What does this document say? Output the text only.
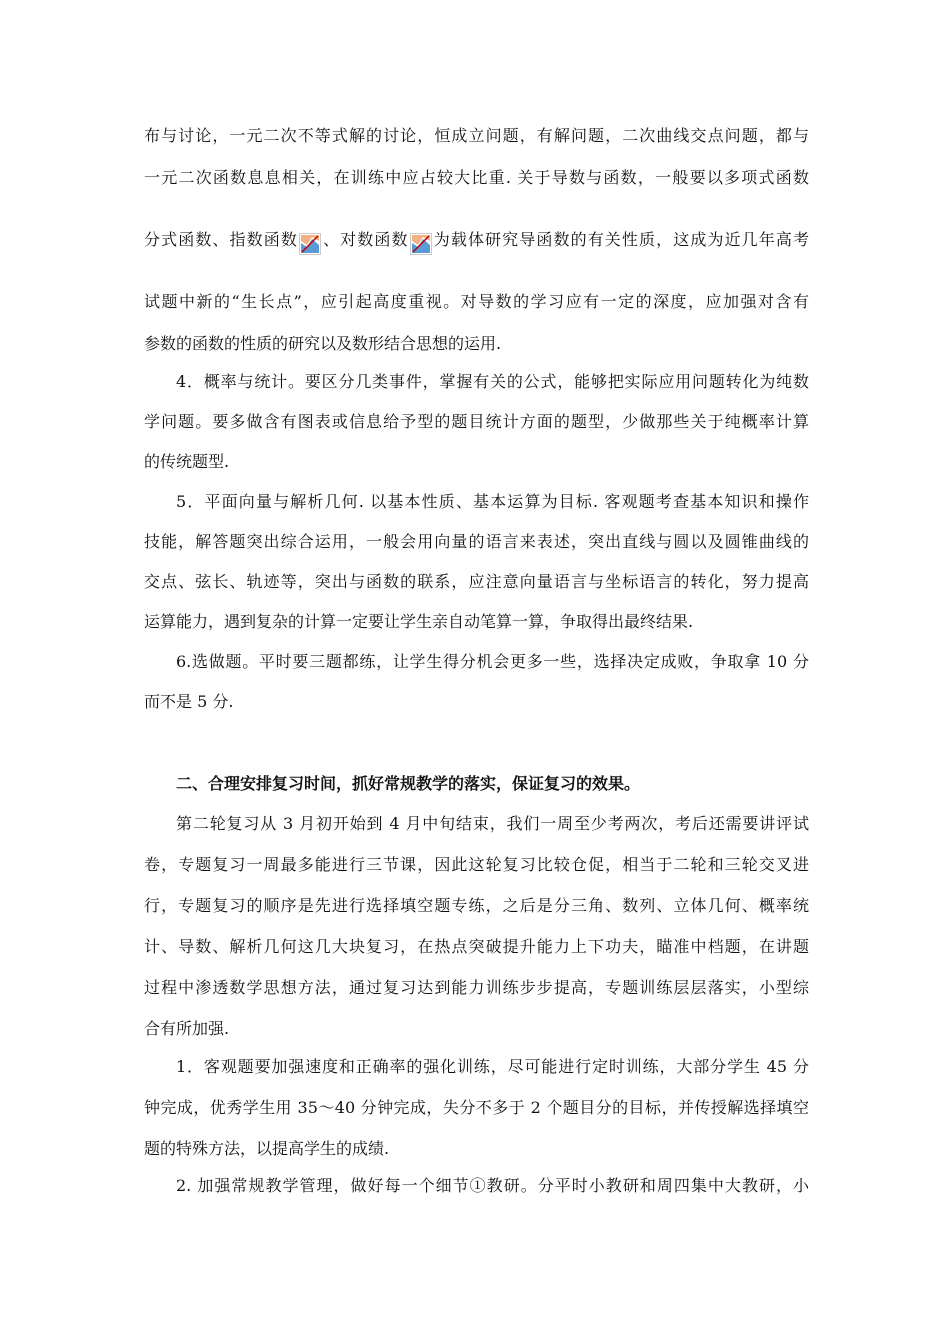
布与讨论，一元二次不等式解的讨论，恒成立问题，有解问题，二次曲线交点问题，都与
一元二次函数息息相关，在训练中应占较大比重. 关于导数与函数，一般要以多项式函数
分式函数、指数函数 、对数函数 为载体研究导函数的有关性质，这成为近几年高考
试题中新的“生长点”，应引起高度重视。对导数的学习应有一定的深度，应加强对含有
参数的函数的性质的研究以及数形结合思想的运用.
4．概率与统计。要区分几类事件，掌握有关的公式，能够把实际应用问题转化为纯数
学问题。要多做含有图表或信息给予型的题目统计方面的题型，少做那些关于纯概率计算
的传统题型.
5．平面向量与解析几何. 以基本性质、基本运算为目标. 客观题考查基本知识和操作
技能，解答题突出综合运用，一般会用向量的语言来表述，突出直线与圆以及圆锥曲线的
交点、弦长、轨迹等，突出与函数的联系，应注意向量语言与坐标语言的转化，努力提高
运算能力，遇到复杂的计算一定要让学生亲自动笔算一算，争取得出最终结果.
6.选做题。平时要三题都练，让学生得分机会更多一些，选择决定成败，争取拿 10 分
而不是 5 分.
二、合理安排复习时间，抓好常规教学的落实，保证复习的效果。
第二轮复习从 3 月初开始到 4 月中旬结束，我们一周至少考两次，考后还需要讲评试
卷，专题复习一周最多能进行三节课，因此这轮复习比较仓促，相当于二轮和三轮交叉进
行，专题复习的顺序是先进行选择填空题专练，之后是分三角、数列、立体几何、概率统
计、导数、解析几何这几大块复习，在热点突破提升能力上下功夫，瞄准中档题，在讲题
过程中渗透数学思想方法，通过复习达到能力训练步步提高，专题训练层层落实，小型综
合有所加强.
1．客观题要加强速度和正确率的强化训练，尽可能进行定时训练，大部分学生 45 分
钟完成，优秀学生用 35～40 分钟完成，失分不多于 2 个题目分的目标，并传授解选择填空
题的特殊方法，以提高学生的成绩.
2. 加强常规教学管理，做好每一个细节①教研。分平时小教研和周四集中大教研，小
